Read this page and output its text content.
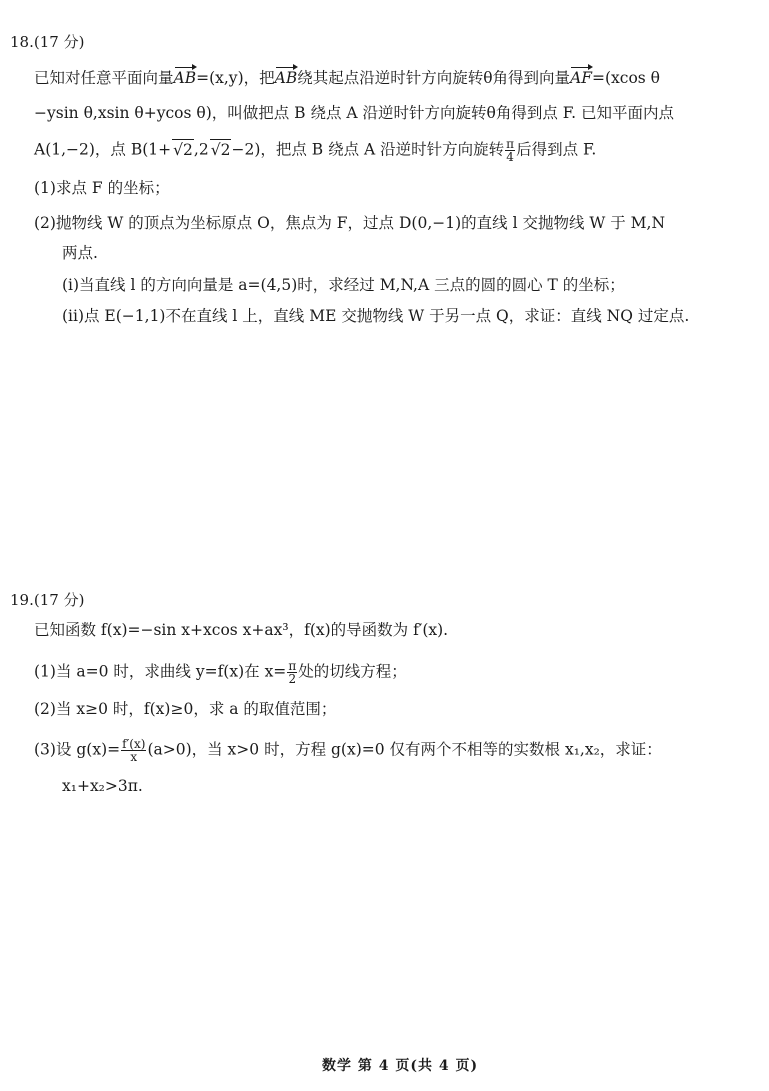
18.(17 分)
已知对任意平面向量AB=(x,y)，把AB绕其起点沿逆时针方向旋转θ角得到向量AF=(xcos θ
−ysin θ,xsin θ+ycos θ)，叫做把点 B 绕点 A 沿逆时针方向旋转θ角得到点 F. 已知平面内点
A(1,−2)，点 B(1+ √2,2 √2−2)，把点 B 绕点 A 沿逆时针方向旋转 $\frac{\pi}{4}$ 后得到点 F.
(1)求点 F 的坐标；
(2)抛物线 W 的顶点为坐标原点 O，焦点为 F，过点 D(0,−1)的直线 l 交抛物线 W 于 M,N
两点.
(i)当直线 l 的方向向量是 a=(4,5)时，求经过 M,N,A 三点的圆的圆心 T 的坐标；
(ii)点 E(−1,1)不在直线 l 上，直线 ME 交抛物线 W 于另一点 Q，求证：直线 NQ 过定点.
19.(17 分)
已知函数 f(x)=−sin x+xcos x+ax³，f(x)的导函数为 f′(x).
(1)当 a=0 时，求曲线 y=f(x)在 $x= \frac{\pi}{2}$ 处的切线方程；
(2)当 x≥0 时，f(x)≥0，求 a 的取值范围；
(3)设 $g(x)= \frac{f'(x)}{x} (a>0)$，当 x>0 时，方程 g(x)=0 仅有两个不相等的实数根 x₁,x₂，求证：
x₁+x₂>3π.
数学 第 4 页(共 4 页)
